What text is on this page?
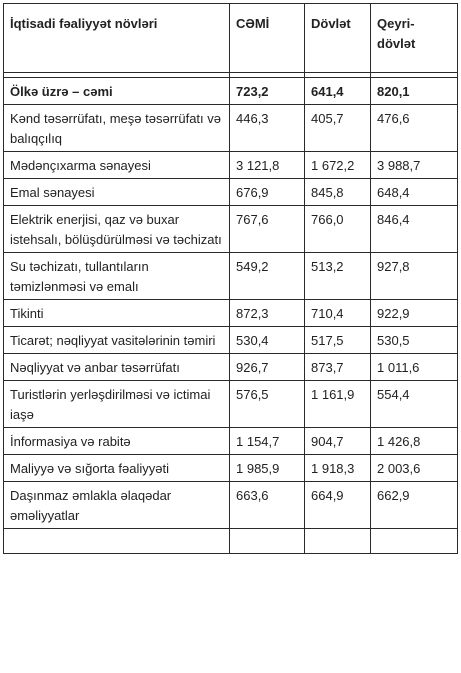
İqtisadi fəaliyyət növləri	CƏMİ	Dövlət	Qeyri-dövlət

Ölkə üzrə – cəmi	723,2	641,4	820,1
Kənd təsərrüfatı, meşə təsərrüfatı və balıqçılıq	446,3	405,7	476,6
Mədənçıxarma sənayesi	3 121,8	1 672,2	3 988,7
Emal sənayesi	676,9	845,8	648,4
Elektrik enerjisi, qaz və buxar istehsalı, bölüşdürülməsi və təchizatı	767,6	766,0	846,4
Su təchizatı, tullantıların təmizlənməsi və emalı	549,2	513,2	927,8
Tikinti	872,3	710,4	922,9
Ticarət; nəqliyyat vasitələrinin təmiri	530,4	517,5	530,5
Nəqliyyat və anbar təsərrüfatı	926,7	873,7	1 011,6
Turistlərin yerləşdirilməsi və ictimai iaşə	576,5	1 161,9	554,4
İnformasiya və rabitə	1 154,7	904,7	1 426,8
Maliyyə və sığorta fəaliyyəti	1 985,9	1 918,3	2 003,6
Daşınmaz əmlakla əlaqədar əməliyyatlar	663,6	664,9	662,9
